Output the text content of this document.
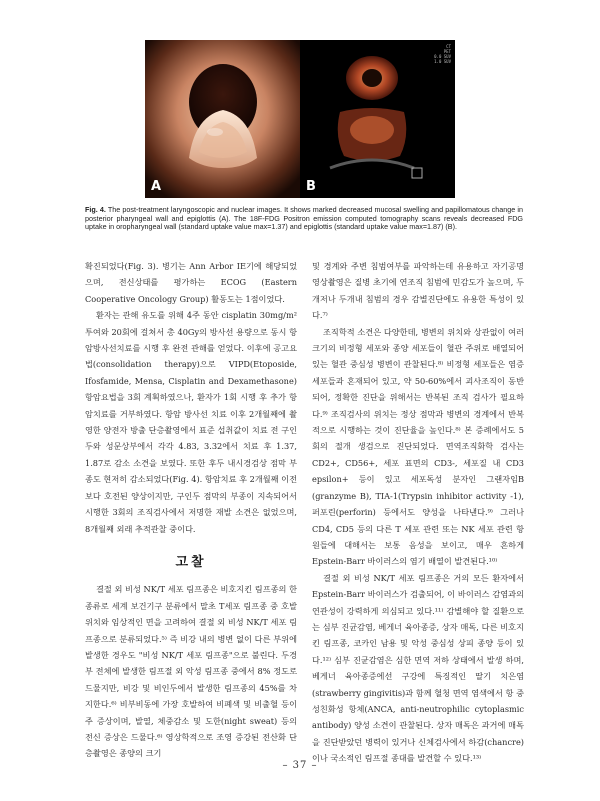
A
CT
PET
0.0 SUV
1.0 SUV
B
Fig. 4. The post-treatment laryngoscopic and nuclear images. It shows marked decreased mucosal swelling and papillomatous change in posterior pharyngeal wall and epiglottis (A). The 18F-FDG Positron emission computed tomography scans reveals decreased FDG uptake in oropharyngeal wall (standard uptake value max=1.37) and epiglottis (standard uptake value max=1.87) (B).

확진되었다(Fig. 3). 병기는 Ann Arbor IE기에 해당되었으며, 전신상태를 평가하는 ECOG (Eastern Cooperative Oncology Group) 활동도는 1점이었다.

환자는 관해 유도를 위해 4주 동안 cisplatin 30mg/m² 투여와 20회에 걸쳐서 총 40Gy의 방사선 용량으로 동시 항암방사선치료를 시행 후 완전 관해를 얻었다. 이후에 공고요법(consolidation therapy)으로 VIPD(Etoposide, Ifosfamide, Mensa, Cisplatin and Dexamethasone) 항암요법을 3회 계획하였으나, 환자가 1회 시행 후 추가 항암치료를 거부하였다. 항암 방사선 치료 이후 2개월째에 촬영한 양전자 방출 단층촬영에서 표준 섭취값이 치료 전 구인두와 성문상부에서 각각 4.83, 3.32에서 치료 후 1.37, 1.87로 감소 소견을 보였다. 또한 후두 내시경검상 점막 부종도 현저히 감소되었다(Fig. 4). 항암치료 후 2개월째 이전보다 호전된 양상이지만, 구인두 점막의 부종이 지속되어서 시행한 3회의 조직검사에서 저명한 재발 소견은 없었으며, 8개월째 외래 추적관찰 중이다.

고찰

결절 외 비성 NK/T 세포 림프종은 비호지킨 림프종의 한 종류로 세계 보건기구 분류에서 말초 T세포 림프종 중 호발 위치와 임상적인 면을 고려하여 결절 외 비성 NK/T 세포 림프종으로 분류되었다.⁵⁾ 즉 비강 내의 병변 없이 다른 부위에 발생한 경우도 "비성 NK/T 세포 림프종"으로 불린다. 두경부 전체에 발생한 림프절 외 악성 림프종 중에서 8% 정도로 드물지만, 비강 및 비인두에서 발생한 림프종의 45%를 차지한다.⁶⁾ 비부비동에 가장 호발하여 비폐색 및 비출혈 등이 주 증상이며, 발열, 체중감소 및 도한(night sweat) 등의 전신 증상은 드물다.⁶⁾ 영상학적으로 조영 증강된 전산화 단층촬영은 종양의 크기

및 경계와 주변 침범여부를 파악하는데 유용하고 자기공명영상촬영은 질병 초기에 연조직 침범에 민감도가 높으며, 두개저나 두개내 침범의 경우 감별진단에도 유용한 특성이 있다.⁷⁾

조직학적 소견은 다양한데, 병변의 위치와 상관없이 여러 크기의 비정형 세포와 종양 세포들이 혈관 주위로 배열되어 있는 혈관 중심성 병변이 관찰된다.⁸⁾ 비정형 세포들은 염증 세포들과 혼재되어 있고, 약 50-60%에서 괴사조직이 동반되어, 정확한 진단을 위해서는 반복된 조직 검사가 필요하다.⁹⁾ 조직검사의 위치는 정상 점막과 병변의 경계에서 반복적으로 시행하는 것이 진단율을 높인다.⁸⁾ 본 증례에서도 5회의 절개 생검으로 진단되었다. 면역조직화학 검사는 CD2+, CD56+, 세포 표면의 CD3-, 세포질 내 CD3 epsilon+ 등이 있고 세포독성 분자인 그랜자임B (granzyme B), TIA-1(Trypsin inhibitor activity -1), 퍼포린(perforin) 등에서도 양성을 나타낸다.⁹⁾ 그러나 CD4, CD5 등의 다른 T 세포 관련 또는 NK 세포 관련 항원들에 대해서는 보통 음성을 보이고, 매우 흔하게 Epstein-Barr 바이러스의 염기 배열이 발견된다.¹⁰⁾

결절 외 비성 NK/T 세포 림프종은 거의 모든 환자에서 Epstein-Barr 바이러스가 검출되어, 이 바이러스 감염과의 연관성이 강력하게 의심되고 있다.¹¹⁾ 감별해야 할 질환으로는 심부 진균감염, 베게너 육아종증, 상자 매독, 다른 비호지킨 림프종, 코카인 남용 및 악성 중심성 상피 종양 등이 있다.¹²⁾ 심부 진균감염은 심한 면역 저하 상태에서 발생 하며, 베게너 육아종증에선 구강에 특징적인 딸기 치은염(strawberry gingivitis)과 함께 혈청 면역 염색에서 항 중성친화성 항체(ANCA, anti-neutrophilic cytoplasmic antibody) 양성 소견이 관찰된다. 상자 매독은 과거에 매독을 진단받았던 병력이 있거나 신체검사에서 하감(chancre)이나 국소적인 림프절 종대를 발견할 수 있다.¹³⁾

– 37 –
